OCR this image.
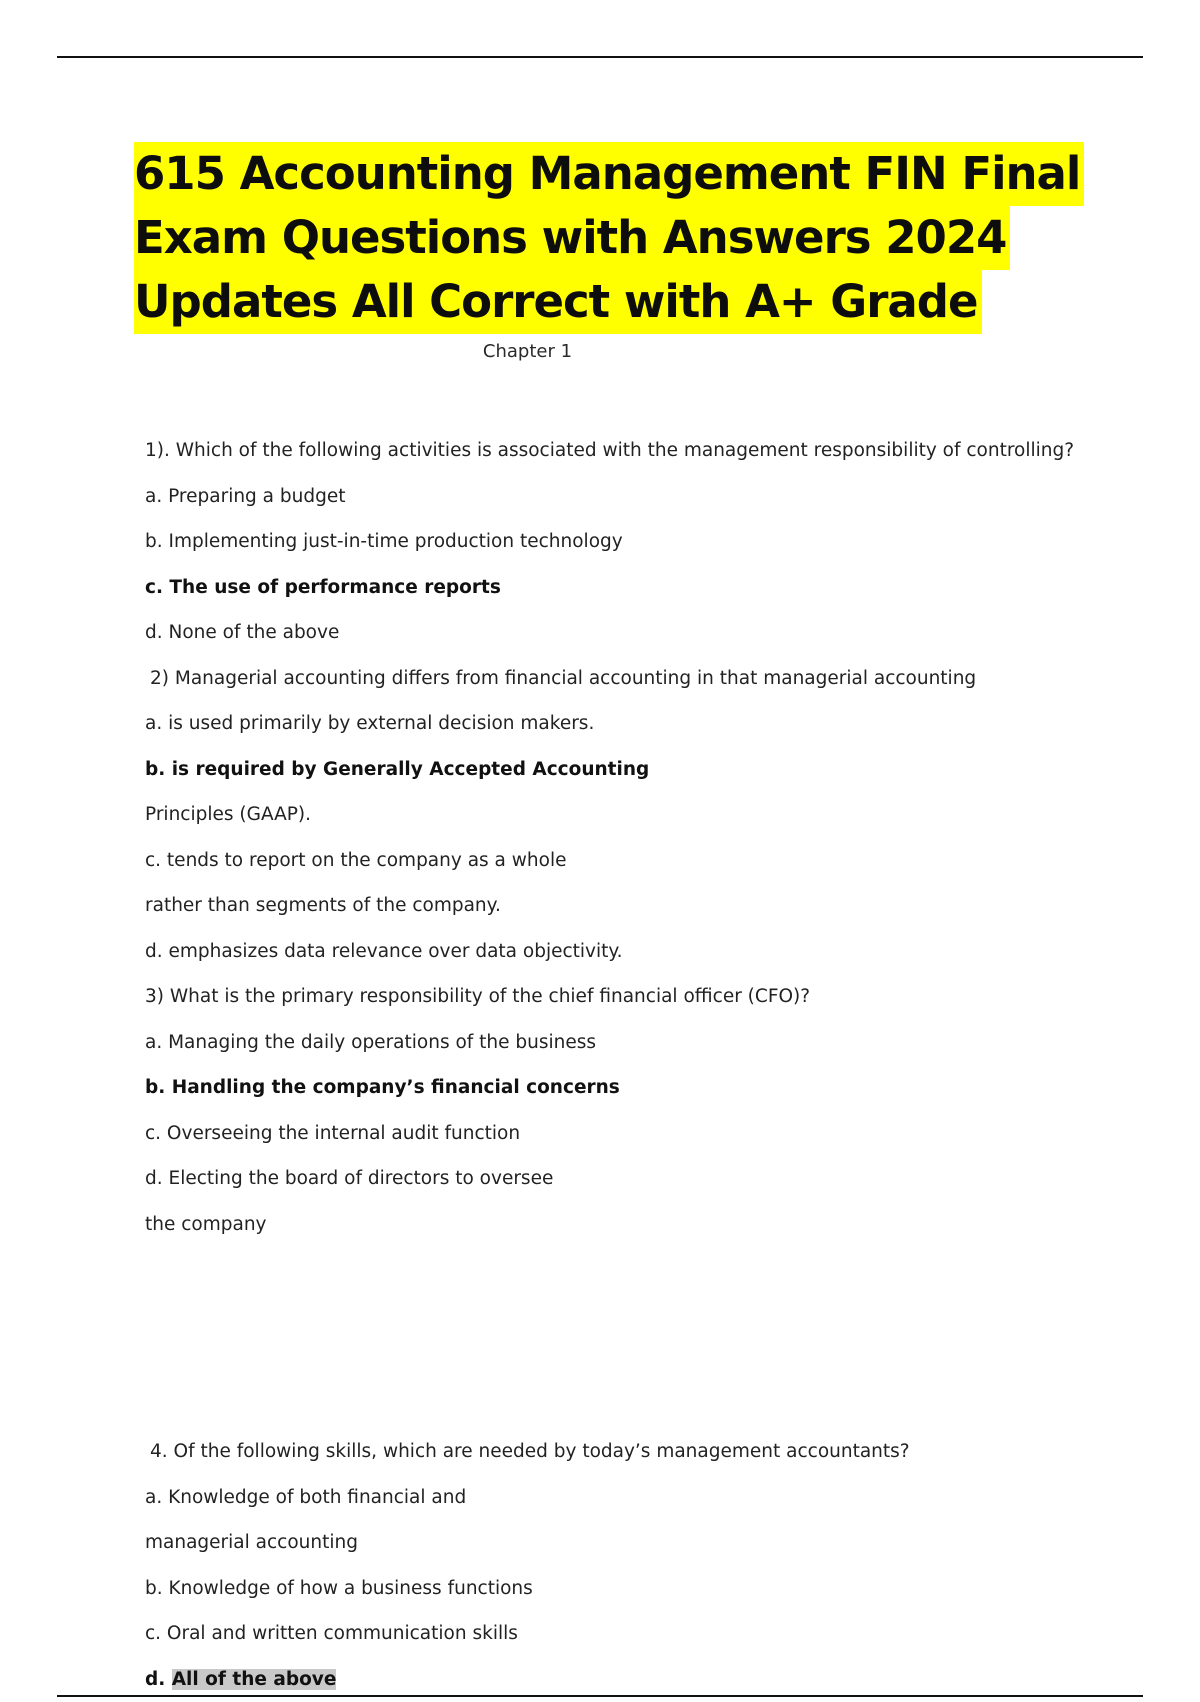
615 Accounting Management FIN Final
Exam Questions with Answers 2024
Updates All Correct with A+ Grade
Chapter 1
1). Which of the following activities is associated with the management responsibility of controlling?
a. Preparing a budget
b. Implementing just-in-time production technology
c. The use of performance reports
d. None of the above
2) Managerial accounting differs from financial accounting in that managerial accounting
a. is used primarily by external decision makers.
b. is required by Generally Accepted Accounting
Principles (GAAP).
c. tends to report on the company as a whole
rather than segments of the company.
d. emphasizes data relevance over data objectivity.
3) What is the primary responsibility of the chief financial officer (CFO)?
a. Managing the daily operations of the business
b. Handling the company’s financial concerns
c. Overseeing the internal audit function
d. Electing the board of directors to oversee
the company
4. Of the following skills, which are needed by today’s management accountants?
a. Knowledge of both financial and
managerial accounting
b. Knowledge of how a business functions
c. Oral and written communication skills
d. All of the above
